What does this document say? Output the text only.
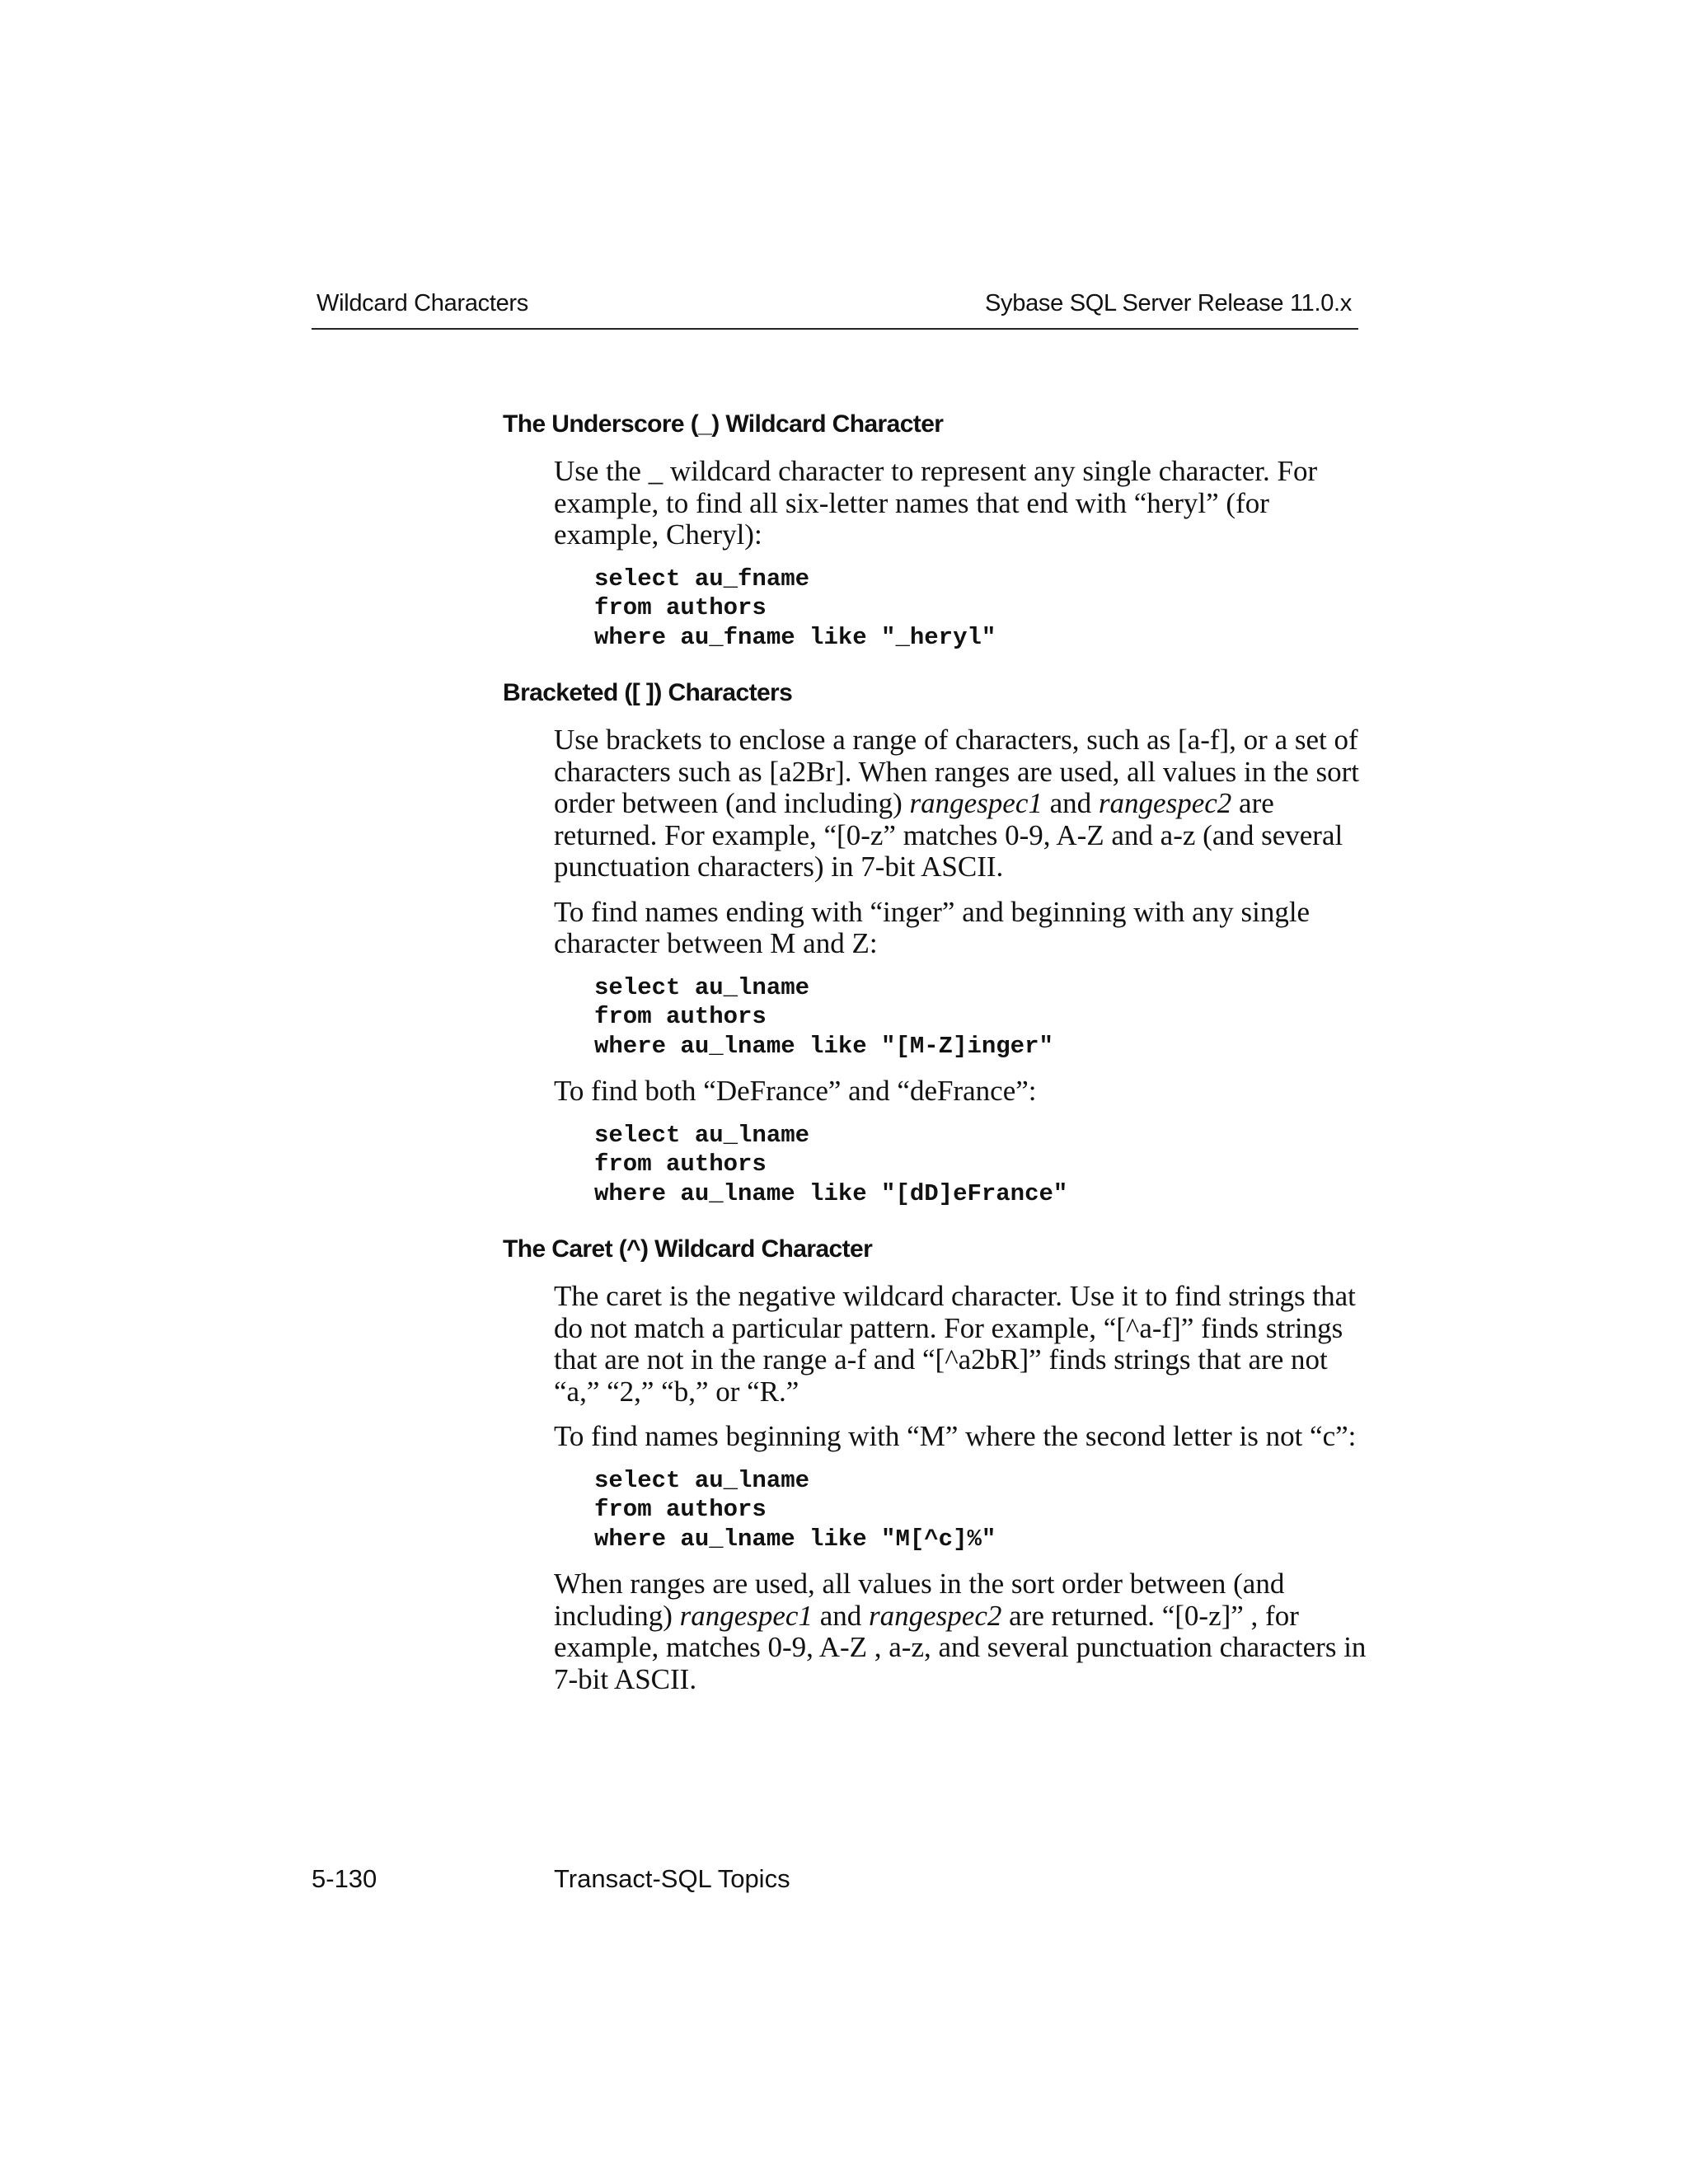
Wildcard Characters	Sybase SQL Server Release 11.0.x
The Underscore (_) Wildcard Character

Use the _ wildcard character to represent any single character. For example, to find all six-letter names that end with “heryl” (for example, Cheryl):

select au_fname
from authors
where au_fname like "_heryl"
Bracketed ([ ]) Characters

Use brackets to enclose a range of characters, such as [a-f], or a set of characters such as [a2Br]. When ranges are used, all values in the sort order between (and including) rangespec1 and rangespec2 are returned. For example, “[0-z” matches 0-9, A-Z and a-z (and several punctuation characters) in 7-bit ASCII.

To find names ending with “inger” and beginning with any single character between M and Z:

select au_lname
from authors
where au_lname like "[M-Z]inger"

To find both “DeFrance” and “deFrance”:

select au_lname
from authors
where au_lname like "[dD]eFrance"
The Caret (^) Wildcard Character

The caret is the negative wildcard character. Use it to find strings that do not match a particular pattern. For example, “[^a-f]” finds strings that are not in the range a-f and “[^a2bR]” finds strings that are not “a,” “2,” “b,” or “R.”

To find names beginning with “M” where the second letter is not “c”:

select au_lname
from authors
where au_lname like "M[^c]%"

When ranges are used, all values in the sort order between (and including) rangespec1 and rangespec2 are returned. “[0-z]” , for example, matches 0-9, A-Z , a-z, and several punctuation characters in 7-bit ASCII.

5-130	Transact-SQL Topics
